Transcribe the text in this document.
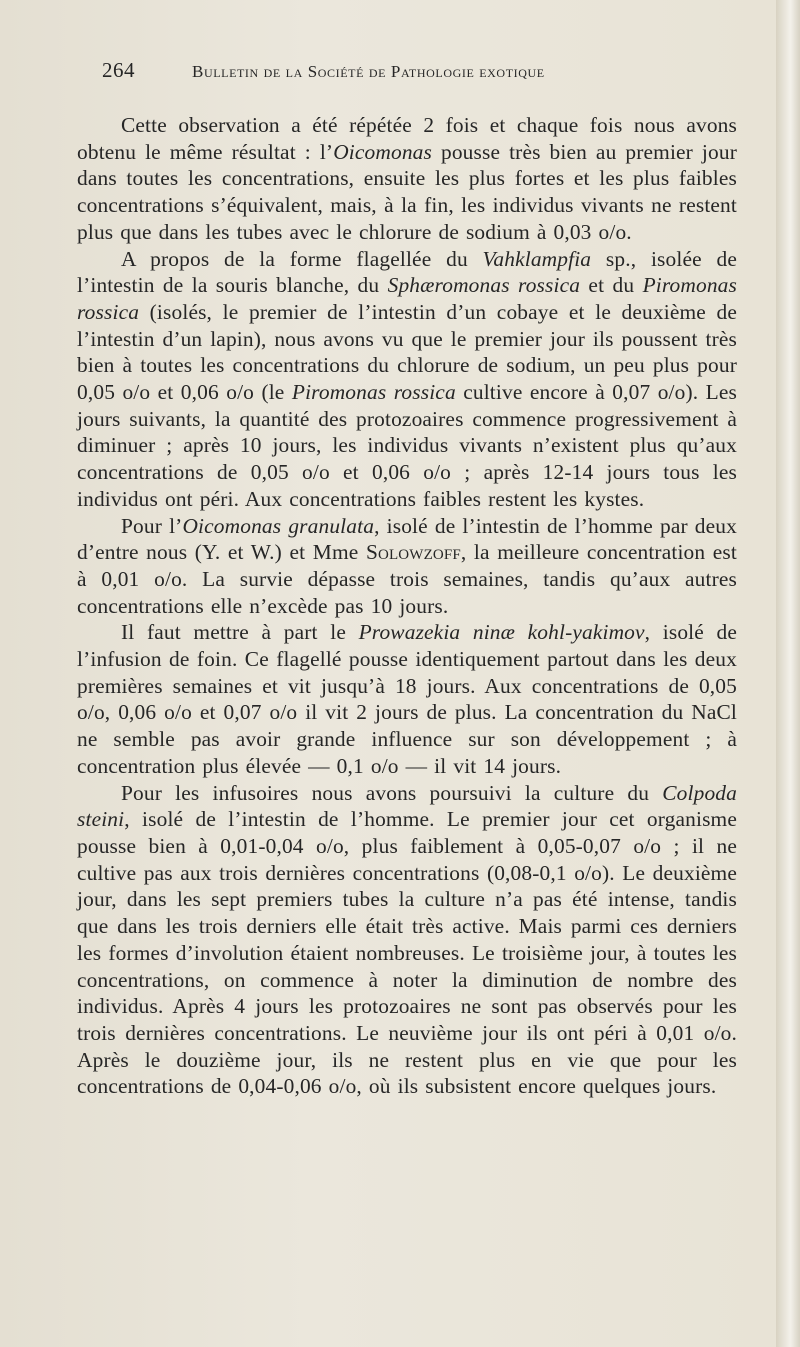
264	Bulletin de la Société de Pathologie exotique

Cette observation a été répétée 2 fois et chaque fois nous avons obtenu le même résultat : l’Oicomonas pousse très bien au premier jour dans toutes les concentrations, ensuite les plus fortes et les plus faibles concentrations s’équivalent, mais, à la fin, les individus vivants ne restent plus que dans les tubes avec le chlorure de sodium à 0,03 o/o.

A propos de la forme flagellée du Vahklampfia sp., isolée de l’intestin de la souris blanche, du Sphæromonas rossica et du Piromonas rossica (isolés, le premier de l’intestin d’un cobaye et le deuxième de l’intestin d’un lapin), nous avons vu que le premier jour ils poussent très bien à toutes les concentrations du chlorure de sodium, un peu plus pour 0,05 o/o et 0,06 o/o (le Piromonas rossica cultive encore à 0,07 o/o). Les jours suivants, la quantité des protozoaires commence progressivement à diminuer ; après 10 jours, les individus vivants n’existent plus qu’aux concentrations de 0,05 o/o et 0,06 o/o ; après 12-14 jours tous les individus ont péri. Aux concentrations faibles restent les kystes.

Pour l’Oicomonas granulata, isolé de l’intestin de l’homme par deux d’entre nous (Y. et W.) et Mme Solowzoff, la meilleure concentration est à 0,01 o/o. La survie dépasse trois semaines, tandis qu’aux autres concentrations elle n’excède pas 10 jours.

Il faut mettre à part le Prowazekia ninæ kohl-yakimov, isolé de l’infusion de foin. Ce flagellé pousse identiquement partout dans les deux premières semaines et vit jusqu’à 18 jours. Aux concentrations de 0,05 o/o, 0,06 o/o et 0,07 o/o il vit 2 jours de plus. La concentration du NaCl ne semble pas avoir grande influence sur son développement ; à concentration plus élevée — 0,1 o/o — il vit 14 jours.

Pour les infusoires nous avons poursuivi la culture du Colpoda steini, isolé de l’intestin de l’homme. Le premier jour cet organisme pousse bien à 0,01-0,04 o/o, plus faiblement à 0,05-0,07 o/o ; il ne cultive pas aux trois dernières concentrations (0,08-0,1 o/o). Le deuxième jour, dans les sept premiers tubes la culture n’a pas été intense, tandis que dans les trois derniers elle était très active. Mais parmi ces derniers les formes d’involution étaient nombreuses. Le troisième jour, à toutes les concentrations, on commence à noter la diminution de nombre des individus. Après 4 jours les protozoaires ne sont pas observés pour les trois dernières concentrations. Le neuvième jour ils ont péri à 0,01 o/o. Après le douzième jour, ils ne restent plus en vie que pour les concentrations de 0,04-0,06 o/o, où ils subsistent encore quelques jours.
